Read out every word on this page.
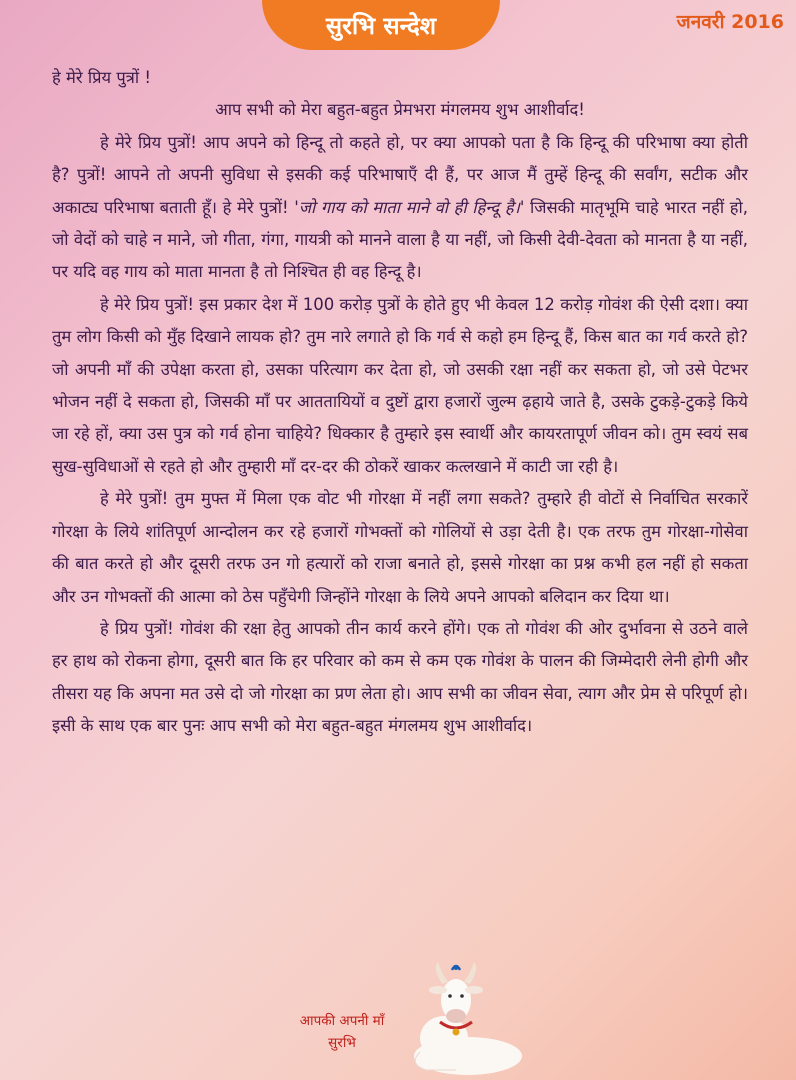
सुरभि सन्देश	जनवरी 2016

हे मेरे प्रिय पुत्रों !

आप सभी को मेरा बहुत-बहुत प्रेमभरा मंगलमय शुभ आशीर्वाद!

हे मेरे प्रिय पुत्रों! आप अपने को हिन्दू तो कहते हो, पर क्या आपको पता है कि हिन्दू की परिभाषा क्या होती है? पुत्रों! आपने तो अपनी सुविधा से इसकी कई परिभाषाएँ दी हैं, पर आज मैं तुम्हें हिन्दू की सर्वांग, सटीक और अकाट्य परिभाषा बताती हूँ। हे मेरे पुत्रों! 'जो गाय को माता माने वो ही हिन्दू है।' जिसकी मातृभूमि चाहे भारत नहीं हो, जो वेदों को चाहे न माने, जो गीता, गंगा, गायत्री को मानने वाला है या नहीं, जो किसी देवी-देवता को मानता है या नहीं, पर यदि वह गाय को माता मानता है तो निश्चित ही वह हिन्दू है।

हे मेरे प्रिय पुत्रों! इस प्रकार देश में 100 करोड़ पुत्रों के होते हुए भी केवल 12 करोड़ गोवंश की ऐसी दशा। क्या तुम लोग किसी को मुँह दिखाने लायक हो? तुम नारे लगाते हो कि गर्व से कहो हम हिन्दू हैं, किस बात का गर्व करते हो? जो अपनी माँ की उपेक्षा करता हो, उसका परित्याग कर देता हो, जो उसकी रक्षा नहीं कर सकता हो, जो उसे पेटभर भोजन नहीं दे सकता हो, जिसकी माँ पर आततायियों व दुष्टों द्वारा हजारों जुल्म ढ़हाये जाते है, उसके टुकड़े-टुकड़े किये जा रहे हों, क्या उस पुत्र को गर्व होना चाहिये? धिक्कार है तुम्हारे इस स्वार्थी और कायरतापूर्ण जीवन को। तुम स्वयं सब सुख-सुविधाओं से रहते हो और तुम्हारी माँ दर-दर की ठोकरें खाकर कत्लखाने में काटी जा रही है।

हे मेरे पुत्रों! तुम मुफ्त में मिला एक वोट भी गोरक्षा में नहीं लगा सकते? तुम्हारे ही वोटों से निर्वाचित सरकारें गोरक्षा के लिये शांतिपूर्ण आन्दोलन कर रहे हजारों गोभक्तों को गोलियों से उड़ा देती है। एक तरफ तुम गोरक्षा-गोसेवा की बात करते हो और दूसरी तरफ उन गो हत्यारों को राजा बनाते हो, इससे गोरक्षा का प्रश्न कभी हल नहीं हो सकता और उन गोभक्तों की आत्मा को ठेस पहुँचेगी जिन्होंने गोरक्षा के लिये अपने आपको बलिदान कर दिया था।

हे प्रिय पुत्रों! गोवंश की रक्षा हेतु आपको तीन कार्य करने होंगे। एक तो गोवंश की ओर दुर्भावना से उठने वाले हर हाथ को रोकना होगा, दूसरी बात कि हर परिवार को कम से कम एक गोवंश के पालन की जिम्मेदारी लेनी होगी और तीसरा यह कि अपना मत उसे दो जो गोरक्षा का प्रण लेता हो। आप सभी का जीवन सेवा, त्याग और प्रेम से परिपूर्ण हो। इसी के साथ एक बार पुनः आप सभी को मेरा बहुत-बहुत मंगलमय शुभ आशीर्वाद।

आपकी अपनी माँ
सुरभि
